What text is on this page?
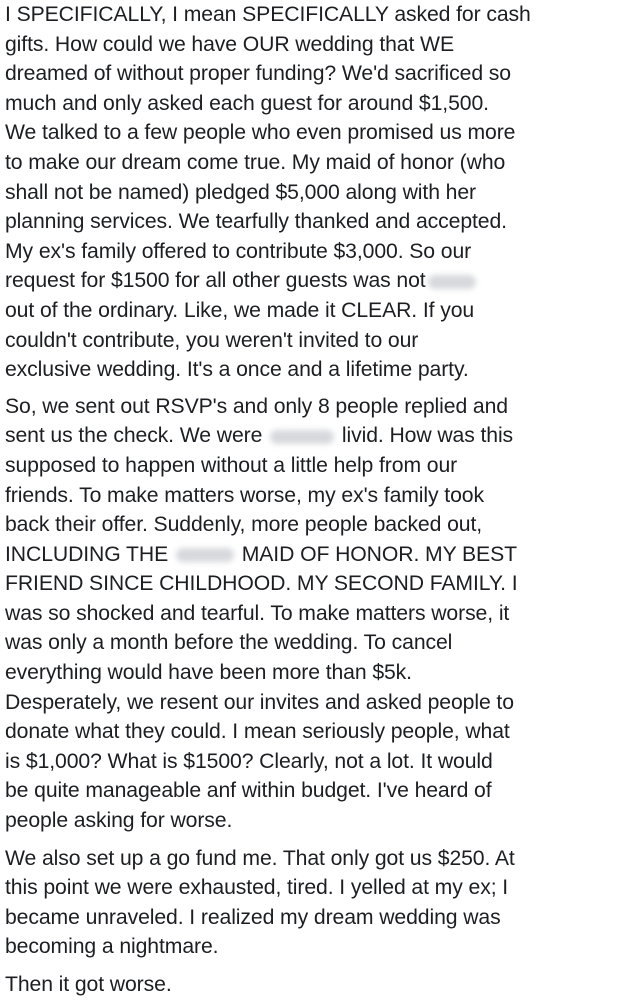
I SPECIFICALLY, I mean SPECIFICALLY asked for cash
gifts. How could we have OUR wedding that WE
dreamed of without proper funding? We'd sacrificed so
much and only asked each guest for around $1,500.
We talked to a few people who even promised us more
to make our dream come true. My maid of honor (who
shall not be named) pledged $5,000 along with her
planning services. We tearfully thanked and accepted.
My ex's family offered to contribute $3,000. So our
request for $1500 for all other guests was not
out of the ordinary. Like, we made it CLEAR. If you
couldn't contribute, you weren't invited to our
exclusive wedding. It's a once and a lifetime party.
So, we sent out RSVP's and only 8 people replied and
sent us the check. We were	livid. How was this
supposed to happen without a little help from our
friends. To make matters worse, my ex's family took
back their offer. Suddenly, more people backed out,
INCLUDING THE	MAID OF HONOR. MY BEST
FRIEND SINCE CHILDHOOD. MY SECOND FAMILY. I
was so shocked and tearful. To make matters worse, it
was only a month before the wedding. To cancel
everything would have been more than $5k.
Desperately, we resent our invites and asked people to
donate what they could. I mean seriously people, what
is $1,000? What is $1500? Clearly, not a lot. It would
be quite manageable anf within budget. I've heard of
people asking for worse.
We also set up a go fund me. That only got us $250. At
this point we were exhausted, tired. I yelled at my ex; I
became unraveled. I realized my dream wedding was
becoming a nightmare.
Then it got worse.
